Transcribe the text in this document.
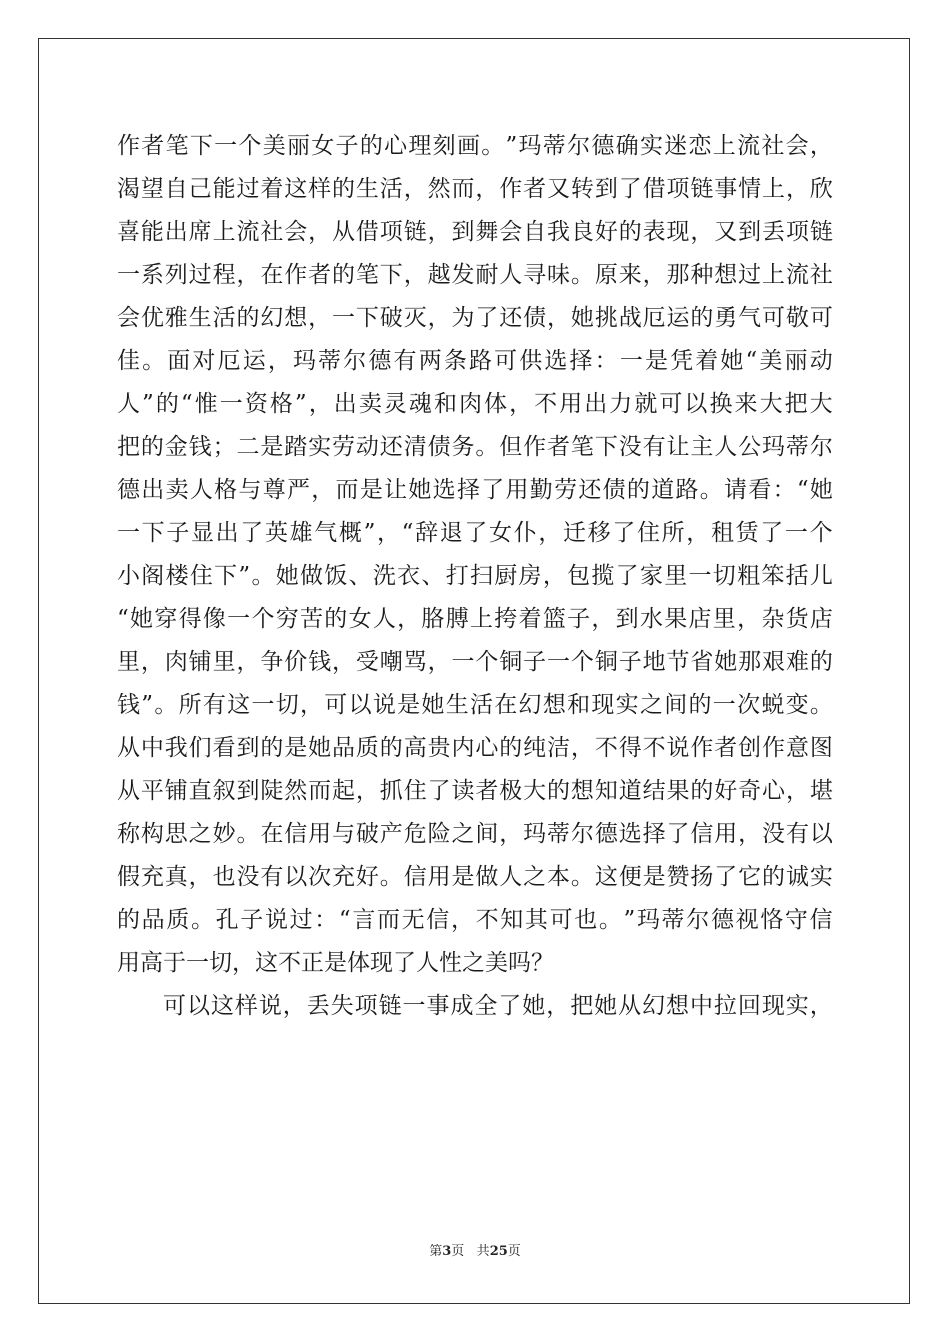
作 者 笔 下 一 个 美 丽 女 子 的 心 理 刻 画 。 ” 玛 蒂 尔 德 确 实 迷 恋 上 流 社 会 ，
渴 望 自 己 能 过 着 这 样 的 生 活 ， 然 而 ， 作 者 又 转 到 了 借 项 链 事 情 上 ， 欣
喜 能 出 席 上 流 社 会 ， 从 借 项 链 ， 到 舞 会 自 我 良 好 的 表 现 ， 又 到 丢 项 链
一 系 列 过 程 ， 在 作 者 的 笔 下 ， 越 发 耐 人 寻 味 。 原 来 ， 那 种 想 过 上 流 社
会 优 雅 生 活 的 幻 想 ， 一 下 破 灭 ， 为 了 还 债 ， 她 挑 战 厄 运 的 勇 气 可 敬 可
佳 。 面 对 厄 运 ， 玛 蒂 尔 德 有 两 条 路 可 供 选 择 ： 一 是 凭 着 她 “ 美 丽 动
人 ” 的 “ 惟 一 资 格 ” ， 出 卖 灵 魂 和 肉 体 ， 不 用 出 力 就 可 以 换 来 大 把 大
把 的 金 钱 ； 二 是 踏 实 劳 动 还 清 债 务 。 但 作 者 笔 下 没 有 让 主 人 公 玛 蒂 尔
德 出 卖 人 格 与 尊 严 ， 而 是 让 她 选 择 了 用 勤 劳 还 债 的 道 路 。 请 看 ： “ 她
一 下 子 显 出 了 英 雄 气 概 ” ， “ 辞 退 了 女 仆 ， 迁 移 了 住 所 ， 租 赁 了 一 个
小 阁 楼 住 下 ” 。 她 做 饭 、 洗 衣 、 打 扫 厨 房 ， 包 揽 了 家 里 一 切 粗 笨 括 儿
“ 她 穿 得 像 一 个 穷 苦 的 女 人 ， 胳 膊 上 挎 着 篮 子 ， 到 水 果 店 里 ， 杂 货 店
里 ， 肉 铺 里 ， 争 价 钱 ， 受 嘲 骂 ， 一 个 铜 子 一 个 铜 子 地 节 省 她 那 艰 难 的
钱 ” 。 所 有 这 一 切 ， 可 以 说 是 她 生 活 在 幻 想 和 现 实 之 间 的 一 次 蜕 变 。
从 中 我 们 看 到 的 是 她 品 质 的 高 贵 内 心 的 纯 洁 ， 不 得 不 说 作 者 创 作 意 图
从 平 铺 直 叙 到 陡 然 而 起 ， 抓 住 了 读 者 极 大 的 想 知 道 结 果 的 好 奇 心 ， 堪
称 构 思 之 妙 。 在 信 用 与 破 产 危 险 之 间 ， 玛 蒂 尔 德 选 择 了 信 用 ， 没 有 以
假 充 真 ， 也 没 有 以 次 充 好 。 信 用 是 做 人 之 本 。 这 便 是 赞 扬 了 它 的 诚 实
的 品 质 。 孔 子 说 过 ： “ 言 而 无 信 ， 不 知 其 可 也 。 ” 玛 蒂 尔 德 视 恪 守 信
用高于一切，这不正是体现了人性之美吗？
可 以 这 样 说 ， 丢 失 项 链 一 事 成 全 了 她 ， 把 她 从 幻 想 中 拉 回 现 实 ，
第3页 共25页
